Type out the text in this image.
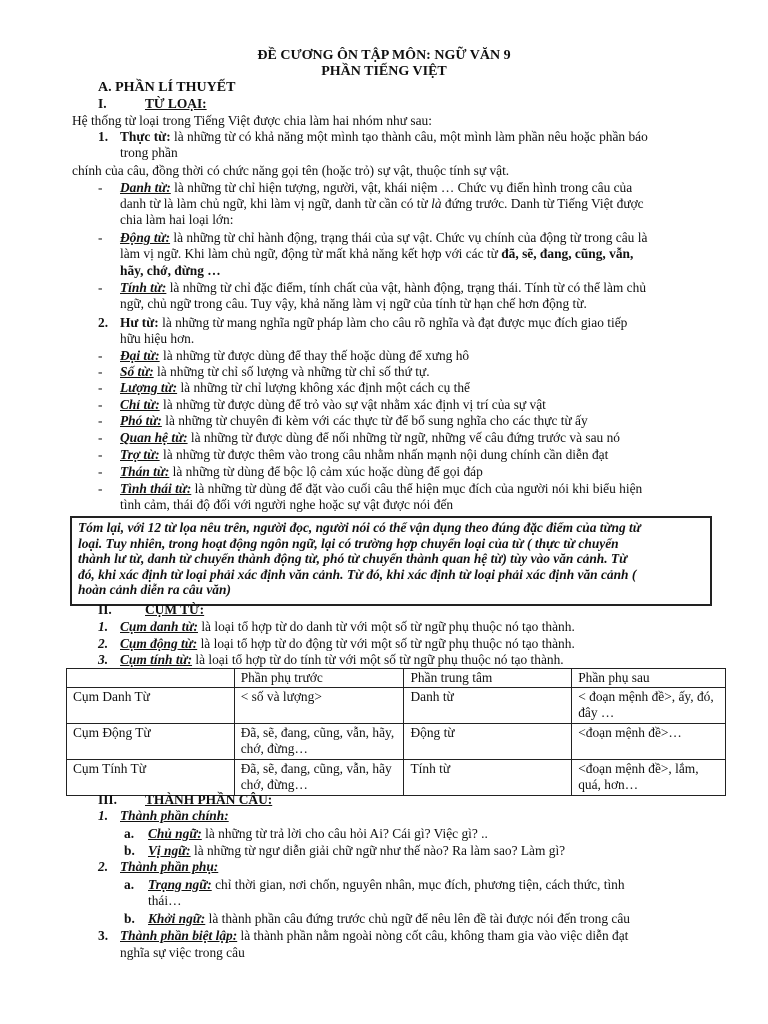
ĐỀ CƯƠNG ÔN TẬP MÔN: NGỮ VĂN 9
PHẦN TIẾNG VIỆT
A. PHẦN LÍ THUYẾT
I.	TỪ LOẠI:
Hệ thống từ loại trong Tiếng Việt được chia làm hai nhóm như sau:
1. Thực từ: là những từ có khả năng một mình tạo thành câu, một mình làm phần nêu hoặc phần báo
trong phần
chính của câu, đồng thời có chức năng gọi tên (hoặc trỏ) sự vật, thuộc tính sự vật.
- Danh từ: là những từ chỉ hiện tượng, người, vật, khái niệm … Chức vụ điển hình trong câu của
danh từ là làm chủ ngữ, khi làm vị ngữ, danh từ cần có từ là đứng trước. Danh từ Tiếng Việt được
chia làm hai loại lớn:
- Động từ: là những từ chỉ hành động, trạng thái của sự vật. Chức vụ chính của động từ trong câu là
làm vị ngữ. Khi làm chủ ngữ, động từ mất khả năng kết hợp với các từ đã, sẽ, đang, cũng, vẫn,
hãy, chớ, đừng …
- Tính từ: là những từ chỉ đặc điểm, tính chất của vật, hành động, trạng thái. Tính từ có thể làm chủ
ngữ, chủ ngữ trong câu. Tuy vậy, khả năng làm vị ngữ của tính từ hạn chế hơn động từ.
2. Hư từ: là những từ mang nghĩa ngữ pháp làm cho câu rõ nghĩa và đạt được mục đích giao tiếp
hữu hiệu hơn.
- Đại từ: là những từ được dùng để thay thế hoặc dùng để xưng hô
- Số từ: là những từ chỉ số lượng và những từ chỉ số thứ tự.
- Lượng từ: là những từ chỉ lượng không xác định một cách cụ thể
- Chỉ từ: là những từ được dùng để trỏ vào sự vật nhằm xác định vị trí của sự vật
- Phó từ: là những từ chuyên đi kèm với các thực từ để bổ sung nghĩa cho các thực từ ấy
- Quan hệ từ: là những từ được dùng để nối những từ ngữ, những vế câu đứng trước và sau nó
- Trợ từ: là những từ được thêm vào trong câu nhằm nhấn mạnh nội dung chính cần diễn đạt
- Thán từ: là những từ dùng để bộc lộ cảm xúc hoặc dùng để gọi đáp
- Tình thái từ: là những từ dùng để đặt vào cuối câu thể hiện mục đích của người nói khi biểu hiện
tình cảm, thái độ đối với người nghe hoặc sự vật được nói đến
Tóm lại, với 12 từ lọa nêu trên, người đọc, người nói có thể vận dụng theo đúng đặc điểm của từng từ
loại. Tuy nhiên, trong hoạt động ngôn ngữ, lại có trường hợp chuyển loại của từ ( thực từ chuyển
thành lư từ, danh từ chuyển thành động từ, phó từ chuyển thành quan hệ từ) tùy vào văn cảnh. Từ
đó, khi xác định từ loại phải xác định văn cảnh. Từ đó, khi xác định từ loại phải xác định văn cảnh (
hoàn cảnh diễn ra câu văn)
II. CỤM TỪ:
1. Cụm danh từ: là loại tổ hợp từ do danh từ với một số từ ngữ phụ thuộc nó tạo thành.
2. Cụm động từ: là loại tổ hợp từ do động từ với một số từ ngữ phụ thuộc nó tạo thành.
3. Cụm tính từ: là loại tổ hợp từ do tính từ với một số từ ngữ phụ thuộc nó tạo thành.
	Phần phụ trước	Phần trung tâm	Phần phụ sau
Cụm Danh Từ	< số và lượng>	Danh từ	< đoạn mệnh đề>, ấy, đó, đây …
Cụm Động Từ	Đã, sẽ, đang, cũng, vẫn, hãy, chớ, đừng…	Động từ	<đoạn mệnh đề>…
Cụm Tính Từ	Đã, sẽ, đang, cũng, vẫn, hãy chớ, đừng…	Tính từ	<đoạn mệnh đề>, lắm, quá, hơn…
III. THÀNH PHẦN CÂU:
1. Thành phần chính:
a. Chủ ngữ: là những từ trả lời cho câu hỏi Ai? Cái gì? Việc gì? ..
b. Vị ngữ: là những từ ngư diễn giải chữ ngữ như thế nào? Ra làm sao? Làm gì?
2. Thành phần phụ:
a. Trạng ngữ: chỉ thời gian, nơi chốn, nguyên nhân, mục đích, phương tiện, cách thức, tình
thái…
b. Khởi ngữ: là thành phần câu đứng trước chủ ngữ để nêu lên đề tài được nói đến trong câu
3. Thành phần biệt lập: là thành phần nằm ngoài nòng cốt câu, không tham gia vào việc diễn đạt
nghĩa sự việc trong câu
